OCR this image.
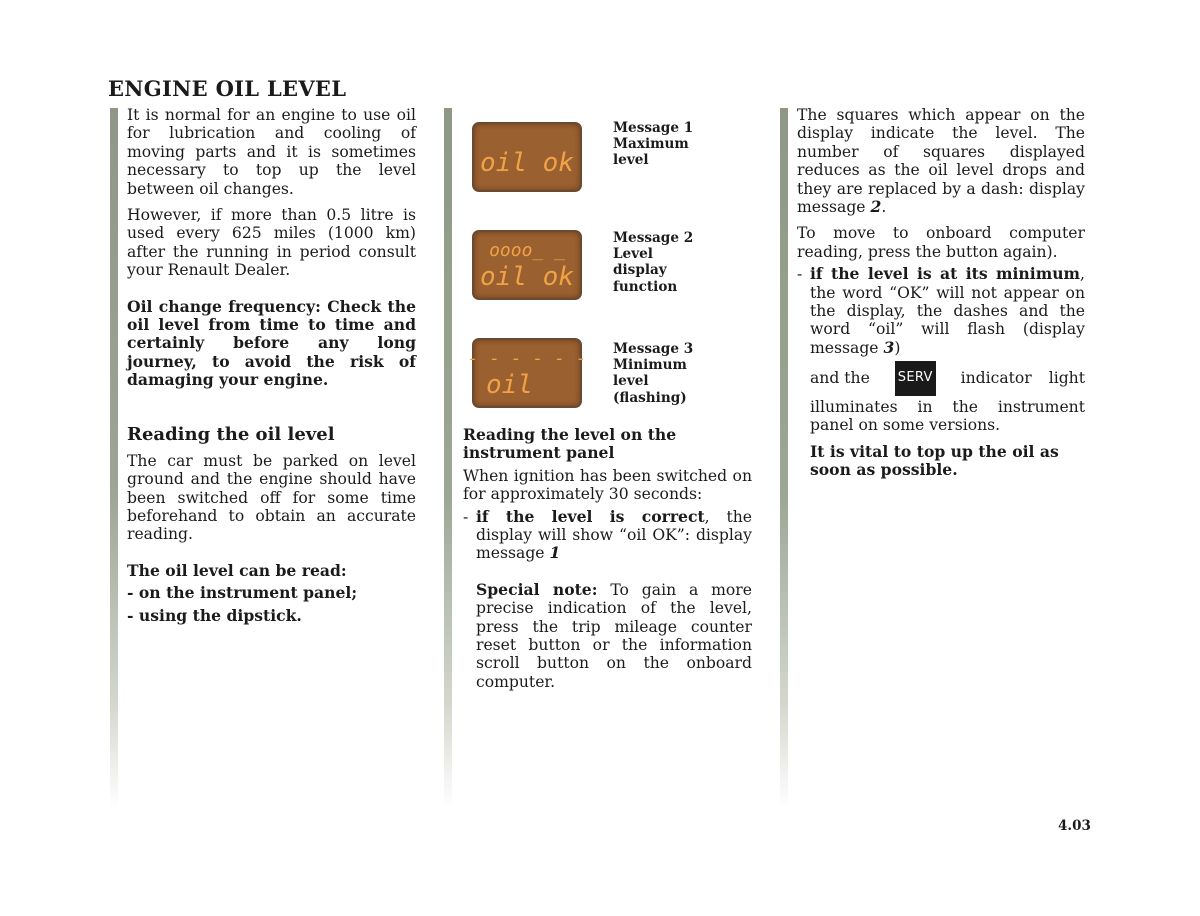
ENGINE OIL LEVEL

It is normal for an engine to use oil for lubrication and cooling of moving parts and it is sometimes necessary to top up the level between oil changes.

However, if more than 0.5 litre is used every 625 miles (1000 km) after the running in period consult your Renault Dealer.

Oil change frequency: Check the oil level from time to time and certainly before any long journey, to avoid the risk of damaging your engine.

Reading the oil level

The car must be parked on level ground and the engine should have been switched off for some time beforehand to obtain an accurate reading.

The oil level can be read:

- on the instrument panel;

- using the dipstick.

oil ok
oooo_ _
oil ok
- - - - - -
oil
Message 1
Maximum
level
Message 2
Level
display
function
Message 3
Minimum
level
(flashing)

Reading the level on the instrument panel

When ignition has been switched on for approximately 30 seconds:

- if the level is correct, the display will show “oil OK”: display message 1
Special note: To gain a more precise indication of the level, press the trip mileage counter reset button or the information scroll button on the onboard computer.

The squares which appear on the display indicate the level. The number of squares displayed reduces as the oil level drops and they are replaced by a dash: display message 2.

To move to onboard computer reading, press the button again).

- if the level is at its minimum, the word “OK” will not appear on the display, the dashes and the word “oil” will flash (display message 3)
and the SERV indicator light

illuminates in the instrument panel on some versions.

It is vital to top up the oil as soon as possible.

4.03
